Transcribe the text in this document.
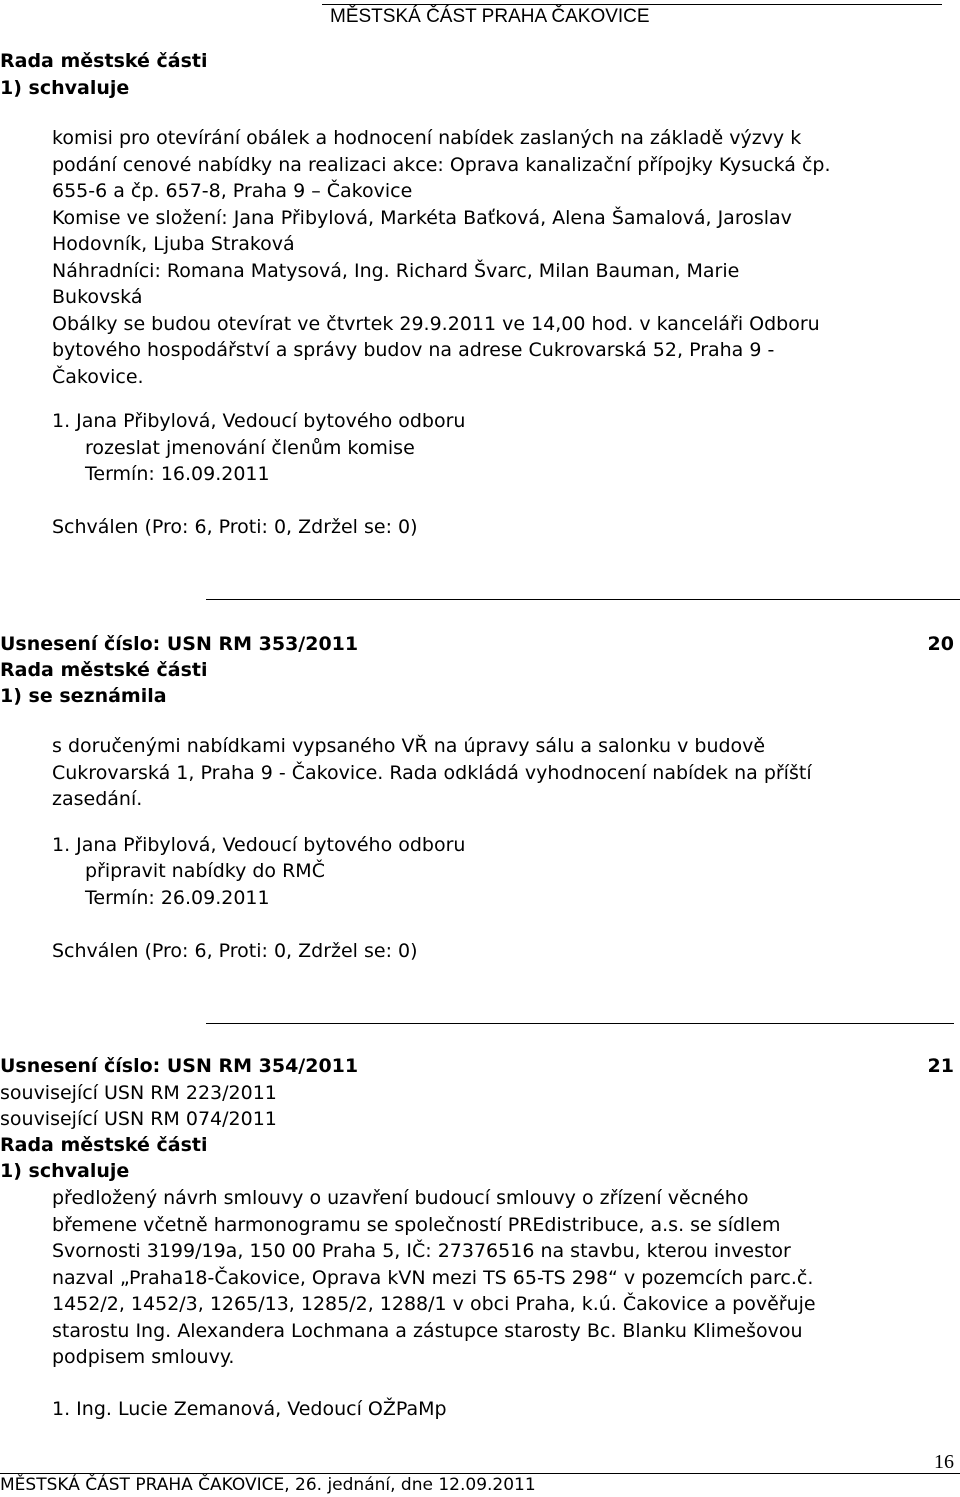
MĚSTSKÁ ČÁST PRAHA ČAKOVICE
Rada městské části
1) schvaluje
komisi pro otevírání obálek a hodnocení nabídek zaslaných na základě výzvy k
podání cenové nabídky na realizaci akce: Oprava kanalizační přípojky Kysucká čp.
655-6 a čp. 657-8, Praha 9 – Čakovice
Komise ve složení: Jana Přibylová, Markéta Baťková, Alena Šamalová, Jaroslav
Hodovník, Ljuba Straková
Náhradníci: Romana Matysová, Ing. Richard Švarc, Milan Bauman, Marie
Bukovská
Obálky se budou otevírat ve čtvrtek 29.9.2011 ve 14,00 hod. v kanceláři Odboru
bytového hospodářství a správy budov na adrese Cukrovarská 52, Praha 9 -
Čakovice.
1. Jana Přibylová, Vedoucí bytového odboru
rozeslat jmenování členům komise
Termín: 16.09.2011
Schválen (Pro: 6, Proti: 0, Zdržel se: 0)
Usnesení číslo: USN RM 353/2011	20
Rada městské části
1) se seznámila
s doručenými nabídkami vypsaného VŘ na úpravy sálu a salonku v budově
Cukrovarská 1, Praha 9 - Čakovice. Rada odkládá vyhodnocení nabídek na příští
zasedání.
1. Jana Přibylová, Vedoucí bytového odboru
připravit nabídky do RMČ
Termín: 26.09.2011
Schválen (Pro: 6, Proti: 0, Zdržel se: 0)
Usnesení číslo: USN RM 354/2011	21
související USN RM 223/2011
související USN RM 074/2011
Rada městské části
1) schvaluje
předložený návrh smlouvy o uzavření budoucí smlouvy o zřízení věcného
břemene včetně harmonogramu se společností PREdistribuce, a.s. se sídlem
Svornosti 3199/19a, 150 00 Praha 5, IČ: 27376516 na stavbu, kterou investor
nazval „Praha18-Čakovice, Oprava kVN mezi TS 65-TS 298“ v pozemcích parc.č.
1452/2, 1452/3, 1265/13, 1285/2, 1288/1 v obci Praha, k.ú. Čakovice a pověřuje
starostu Ing. Alexandera Lochmana a zástupce starosty Bc. Blanku Klimešovou
podpisem smlouvy.
1. Ing. Lucie Zemanová, Vedoucí OŽPaMp
16
MĚSTSKÁ ČÁST PRAHA ČAKOVICE, 26. jednání, dne 12.09.2011
